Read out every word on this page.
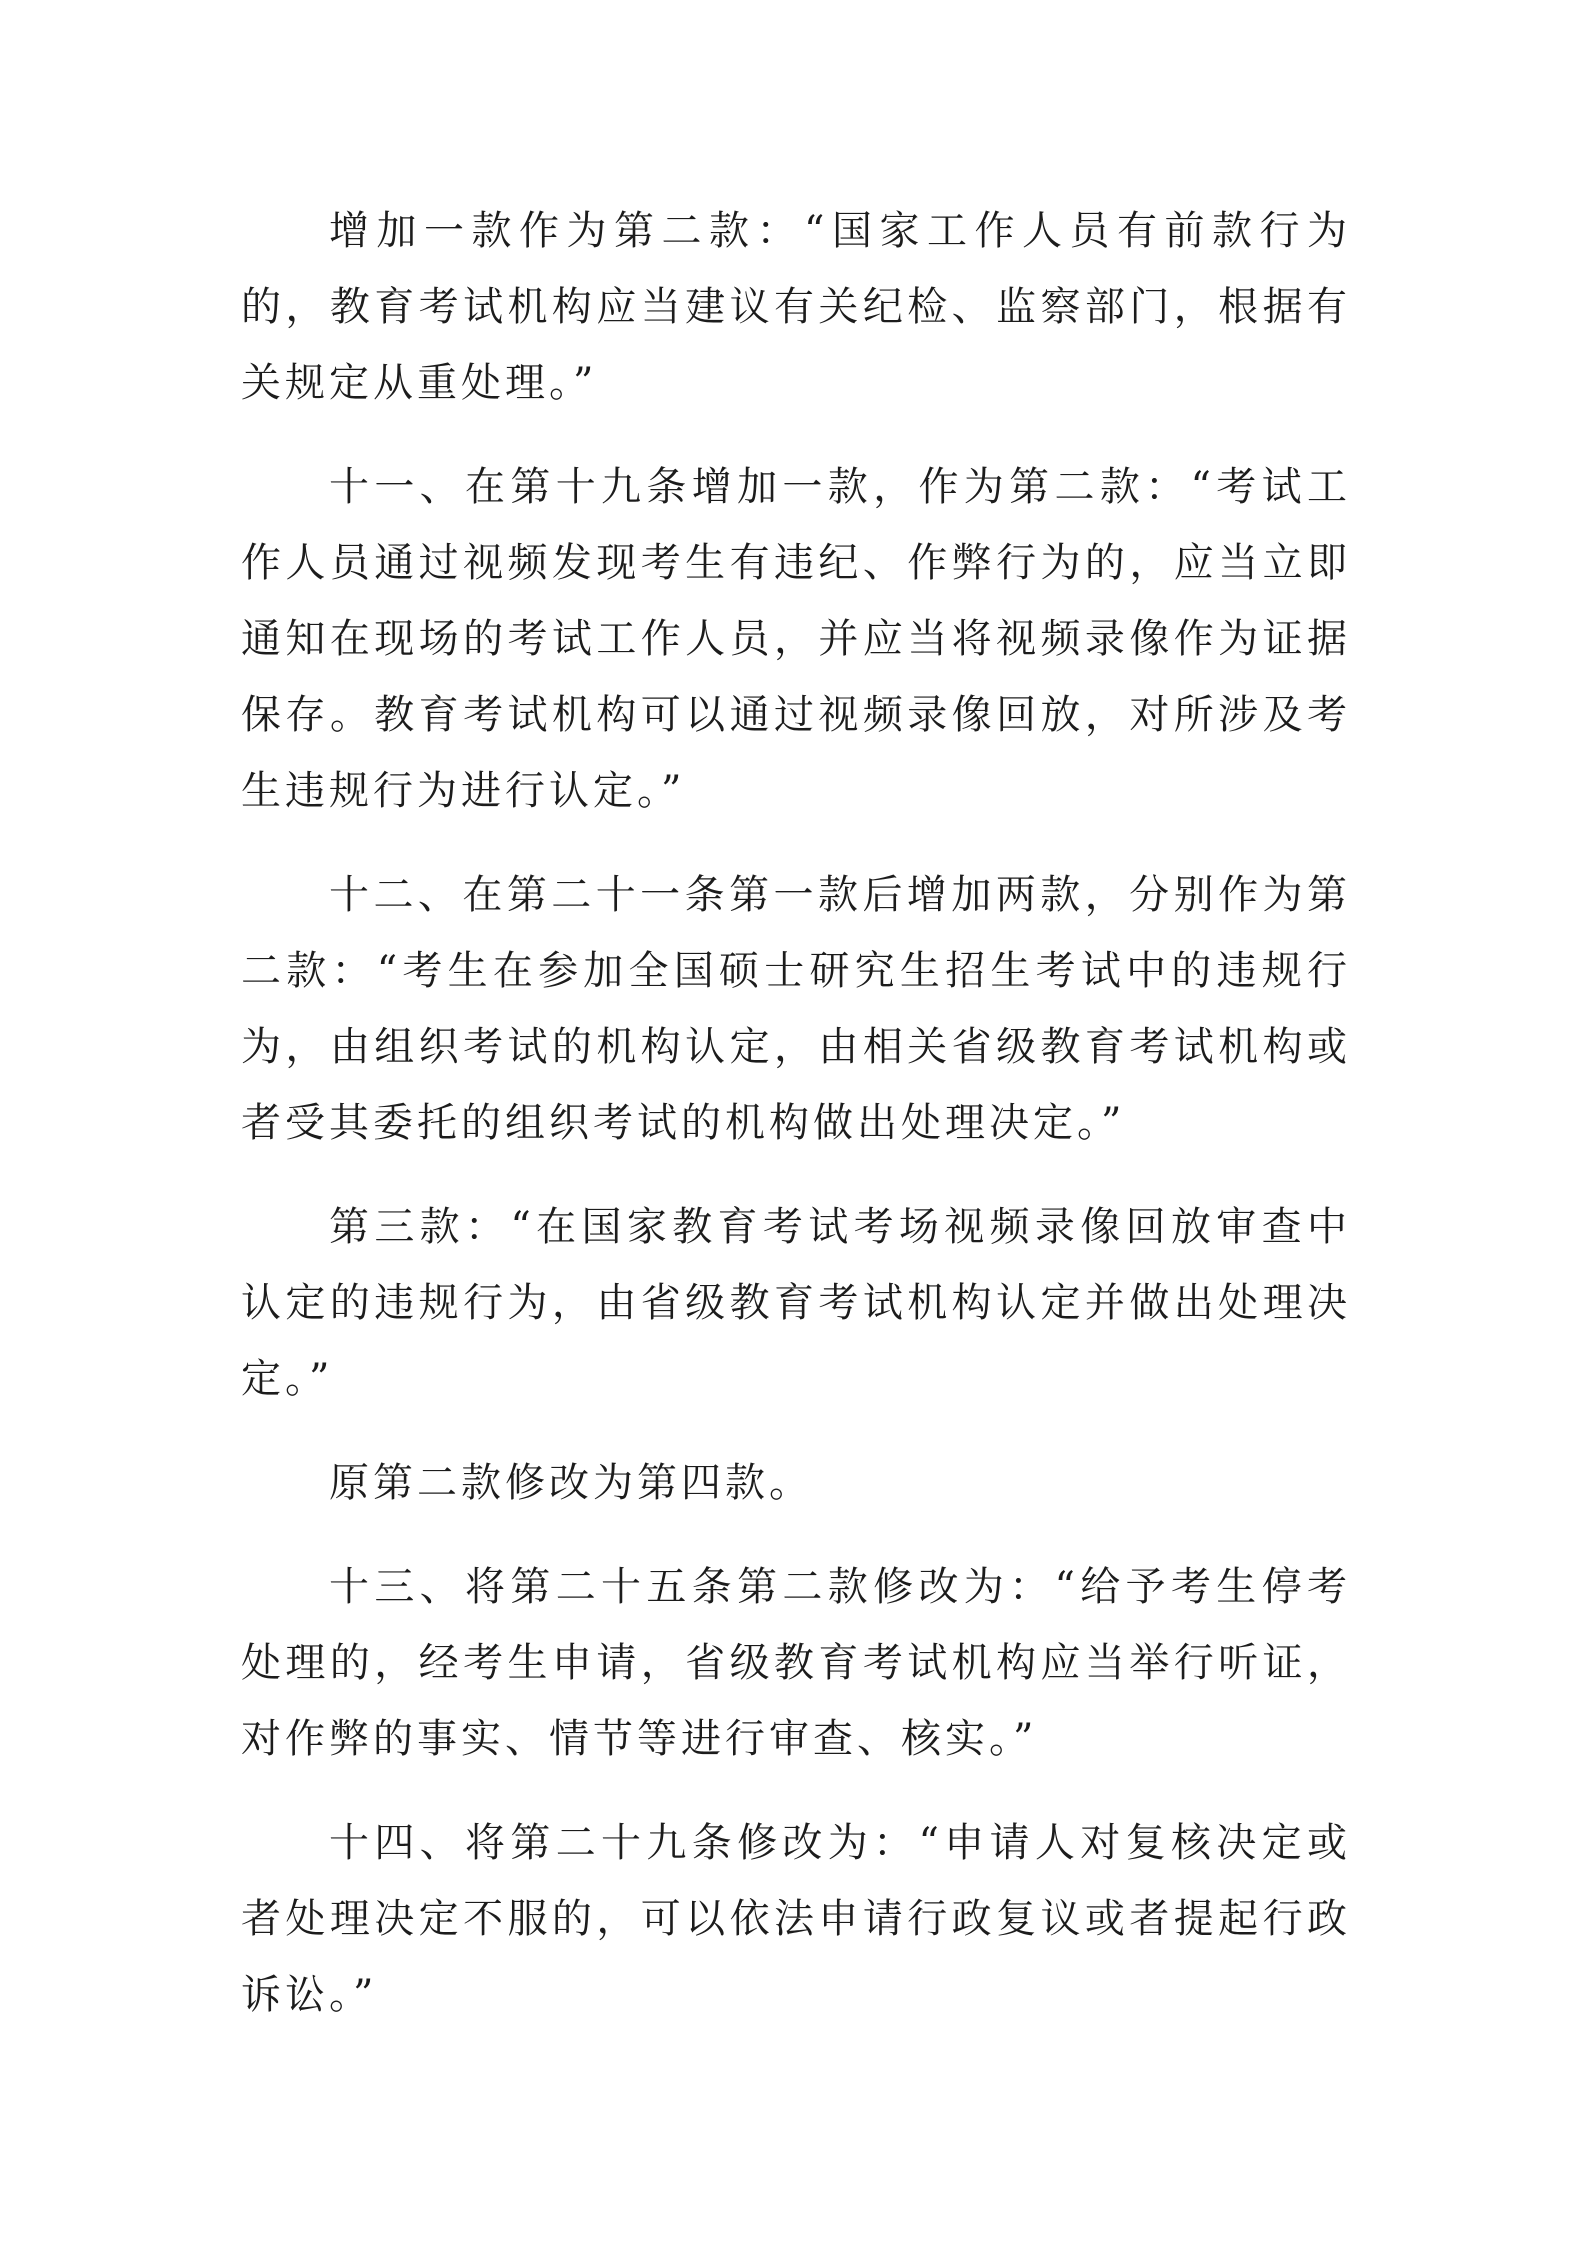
增加一款作为第二款：“国家工作人员有前款行为的，教育考试机构应当建议有关纪检、监察部门，根据有关规定从重处理。”

十一、在第十九条增加一款，作为第二款：“考试工作人员通过视频发现考生有违纪、作弊行为的，应当立即通知在现场的考试工作人员，并应当将视频录像作为证据保存。教育考试机构可以通过视频录像回放，对所涉及考生违规行为进行认定。”

十二、在第二十一条第一款后增加两款，分别作为第二款：“考生在参加全国硕士研究生招生考试中的违规行为，由组织考试的机构认定，由相关省级教育考试机构或者受其委托的组织考试的机构做出处理决定。”

第三款：“在国家教育考试考场视频录像回放审查中认定的违规行为，由省级教育考试机构认定并做出处理决定。”

原第二款修改为第四款。

十三、将第二十五条第二款修改为：“给予考生停考处理的，经考生申请，省级教育考试机构应当举行听证，对作弊的事实、情节等进行审查、核实。”

十四、将第二十九条修改为：“申请人对复核决定或者处理决定不服的，可以依法申请行政复议或者提起行政诉讼。”
